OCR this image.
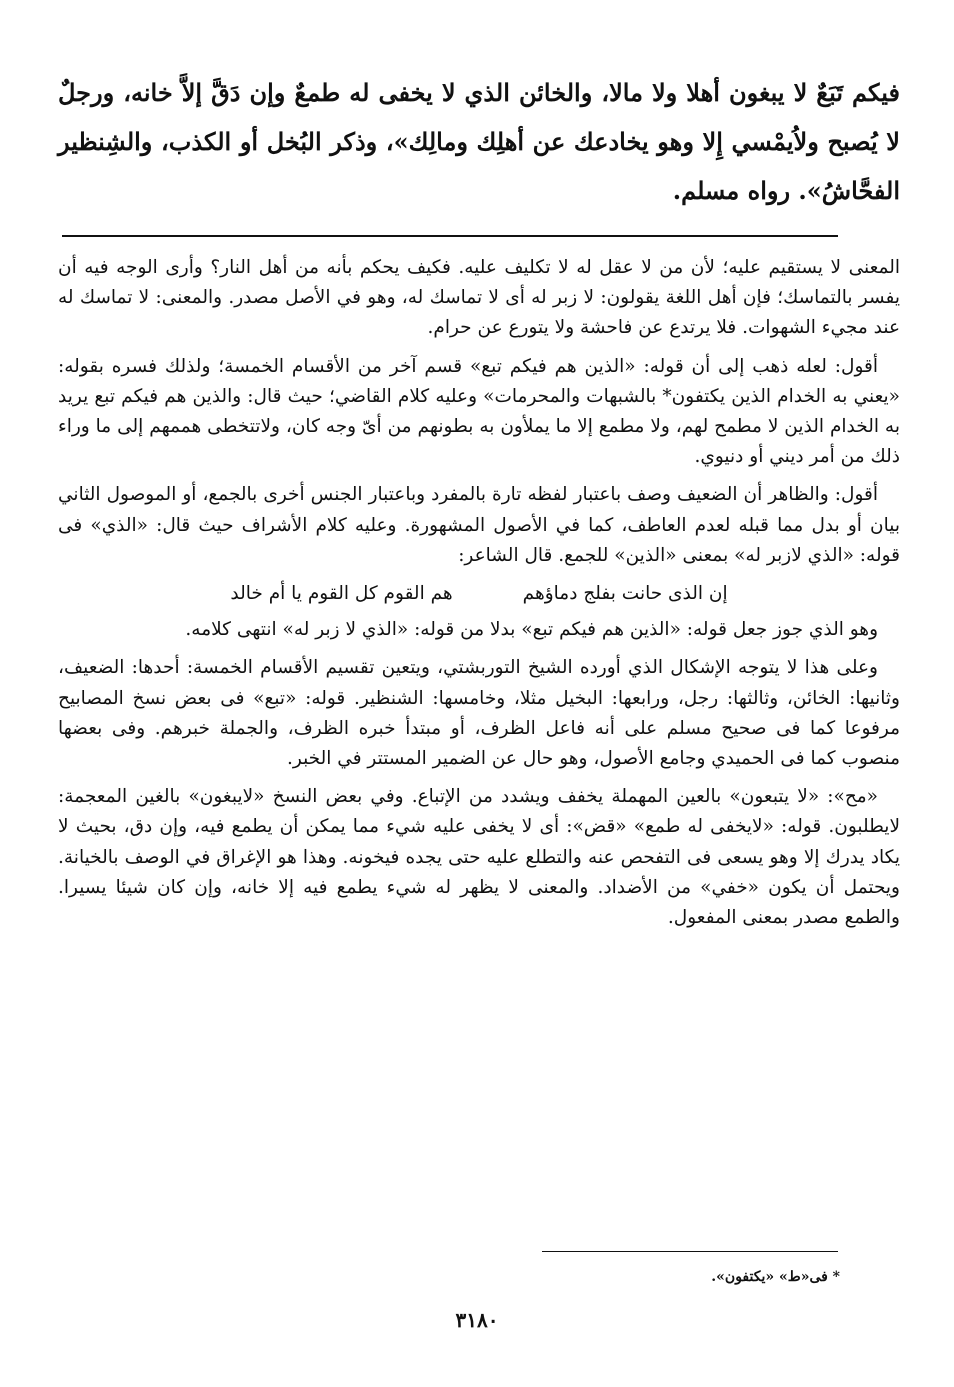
فيكم تَبَعٌ لا يبغون أهلا ولا مالا، والخائن الذي لا يخفى له طمعٌ وإن دَقَّ إلاَّ خانه، ورجلٌ لا يُصبح ولاُيمْسي إِلا وهو يخادعك عن أهلِك ومالِك»، وذكر البُخل أو الكذب، والشِنظير الفحَّاشُ». رواه مسلم.

المعنى لا يستقيم عليه؛ لأن من لا عقل له لا تكليف عليه. فكيف يحكم بأنه من أهل النار؟ وأرى الوجه فيه أن يفسر بالتماسك؛ فإن أهل اللغة يقولون: لا زبر له أى لا تماسك له، وهو في الأصل مصدر. والمعنى: لا تماسك له عند مجيء الشهوات. فلا يرتدع عن فاحشة ولا يتورع عن حرام.

أقول: لعله ذهب إلى أن قوله: «الذين هم فيكم تبع» قسم آخر من الأقسام الخمسة؛ ولذلك فسره بقوله: «يعني به الخدام الذين يكتفون* بالشبهات والمحرمات» وعليه كلام القاضي؛ حيث قال: والذين هم فيكم تبع يريد به الخدام الذين لا مطمح لهم، ولا مطمع إلا ما يملأون به بطونهم من أىّ وجه كان، ولاتتخطى هممهم إلى ما وراء ذلك من أمر ديني أو دنيوي.

أقول: والظاهر أن الضعيف وصف باعتبار لفظه تارة بالمفرد وباعتبار الجنس أخرى بالجمع، أو الموصول الثاني بيان أو بدل مما قبله لعدم العاطف، كما في الأصول المشهورة. وعليه كلام الأشراف حيث قال: «الذي» فى قوله: «الذي لازبر له» بمعنى «الذين» للجمع. قال الشاعر:

إن الذى حانت بفلج دماؤهم
هم القوم كل القوم يا أم خالد

وهو الذي جوز جعل قوله: «الذين هم فيكم تبع» بدلا من قوله: «الذي لا زبر له» انتهى كلامه.

وعلى هذا لا يتوجه الإشكال الذي أورده الشيخ التوربشتي، ويتعين تقسيم الأقسام الخمسة: أحدها: الضعيف، وثانيها: الخائن، وثالثها: رجل، ورابعها: البخيل مثلا، وخامسها: الشنظير. قوله: «تبع» فى بعض نسخ المصابيح مرفوعا كما فى صحيح مسلم على أنه فاعل الظرف، أو مبتدأ خبره الظرف، والجملة خبرهم. وفى بعضها منصوب كما فى الحميدي وجامع الأصول، وهو حال عن الضمير المستتر في الخبر.

«مح»: «لا يتبعون» بالعين المهملة يخفف ويشدد من الإتباع. وفي بعض النسخ «لايبغون» بالغين المعجمة: لايطلبون. قوله: «لايخفى له طمع» «قض»: أى لا يخفى عليه شيء مما يمكن أن يطمع فيه، وإن دق، بحيث لا يكاد يدرك إلا وهو يسعى فى التفحص عنه والتطلع عليه حتى يجده فيخونه. وهذا هو الإغراق في الوصف بالخيانة. ويحتمل أن يكون «خفي» من الأضداد. والمعنى لا يظهر له شيء يطمع فيه إلا خانه، وإن كان شيئا يسيرا. والطمع مصدر بمعنى المفعول.

* فى«ط» «يكتفون».
٣١٨٠
